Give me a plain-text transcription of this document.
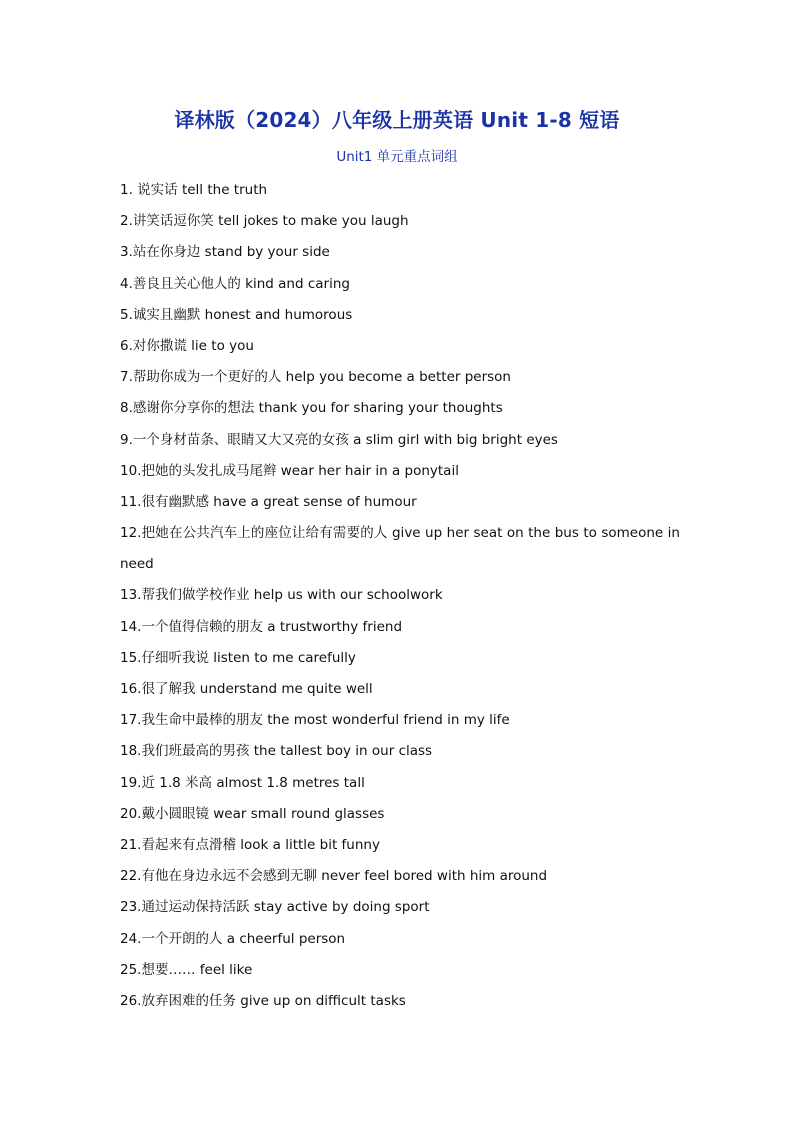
译林版（2024）八年级上册英语 Unit 1-8 短语
Unit1 单元重点词组
1. 说实话 tell the truth
2.讲笑话逗你笑 tell jokes to make you laugh
3.站在你身边 stand by your side
4.善良且关心他人的 kind and caring
5.诚实且幽默 honest and humorous
6.对你撒谎 lie to you
7.帮助你成为一个更好的人 help you become a better person
8.感谢你分享你的想法 thank you for sharing your thoughts
9.一个身材苗条、眼睛又大又亮的女孩 a slim girl with big bright eyes
10.把她的头发扎成马尾辫 wear her hair in a ponytail
11.很有幽默感 have a great sense of humour
12.把她在公共汽车上的座位让给有需要的人 give up her seat on the bus to someone in need
13.帮我们做学校作业 help us with our schoolwork
14.一个值得信赖的朋友 a trustworthy friend
15.仔细听我说 listen to me carefully
16.很了解我 understand me quite well
17.我生命中最棒的朋友 the most wonderful friend in my life
18.我们班最高的男孩 the tallest boy in our class
19.近 1.8 米高 almost 1.8 metres tall
20.戴小圆眼镜 wear small round glasses
21.看起来有点滑稽 look a little bit funny
22.有他在身边永远不会感到无聊 never feel bored with him around
23.通过运动保持活跃 stay active by doing sport
24.一个开朗的人 a cheerful person
25.想要…… feel like
26.放弃困难的任务 give up on difficult tasks
